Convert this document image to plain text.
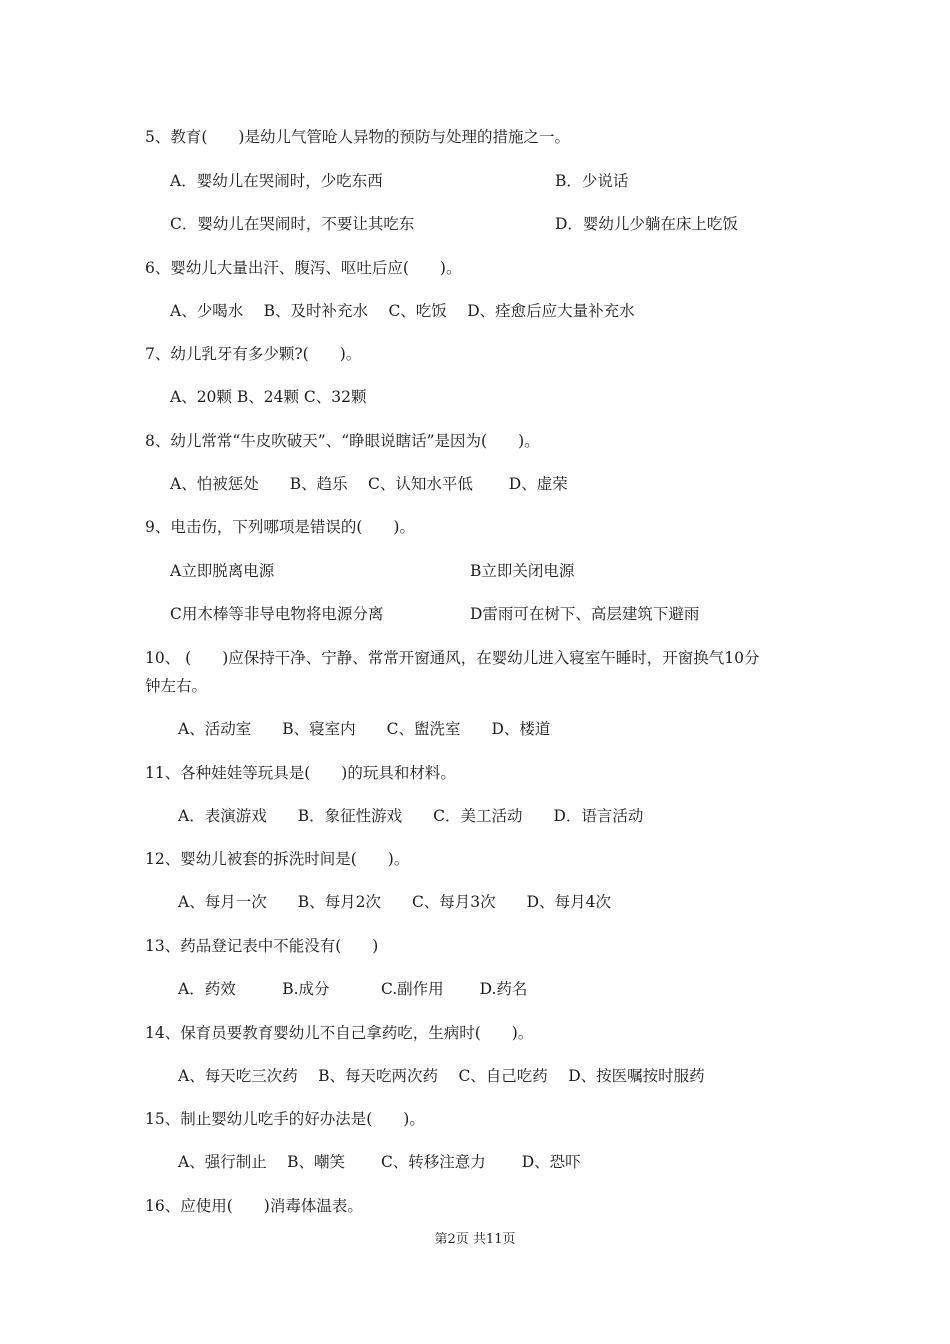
5、教育(　　)是幼儿气管呛人异物的预防与处理的措施之一。
A．婴幼儿在哭闹时，少吃东西	B．少说话
C．婴幼儿在哭闹时，不要让其吃东	D．婴幼儿少躺在床上吃饭
6、婴幼儿大量出汗、腹泻、呕吐后应(　　)。
A、少喝水　 B、及时补充水　 C、吃饭　 D、痊愈后应大量补充水
7、幼儿乳牙有多少颗?(　　)。
A、20颗 B、24颗 C、32颗
8、幼儿常常“牛皮吹破天”、“睁眼说瞎话”是因为(　　)。
A、怕被惩处　　B、趋乐　 C、认知水平低　　 D、虚荣
9、电击伤，下列哪项是错误的(　　)。
A立即脱离电源	B立即关闭电源
C用木棒等非导电物将电源分离	D雷雨可在树下、高层建筑下避雨
10、 (　　)应保持干净、宁静、常常开窗通风，在婴幼儿进入寝室午睡时，开窗换气10分
钟左右。
A、活动室　　B、寝室内　　C、盥洗室　　D、楼道
11、各种娃娃等玩具是(　　)的玩具和材料。
A．表演游戏　　B．象征性游戏　　C．美工活动　　D．语言活动
12、婴幼儿被套的拆洗时间是(　　)。
A、每月一次　　B、每月2次　　C、每月3次　　D、每月4次
13、药品登记表中不能没有(　　)
A．药效　　　B.成分　　　 C.副作用　　 D.药名
14、保育员要教育婴幼儿不自己拿药吃，生病时(　　)。
A、每天吃三次药　 B、每天吃两次药　 C、自己吃药　 D、按医嘱按时服药
15、制止婴幼儿吃手的好办法是(　　)。
A、强行制止　 B、嘲笑　　 C、转移注意力　　 D、恐吓
16、应使用(　　)消毒体温表。
第2页 共11页
